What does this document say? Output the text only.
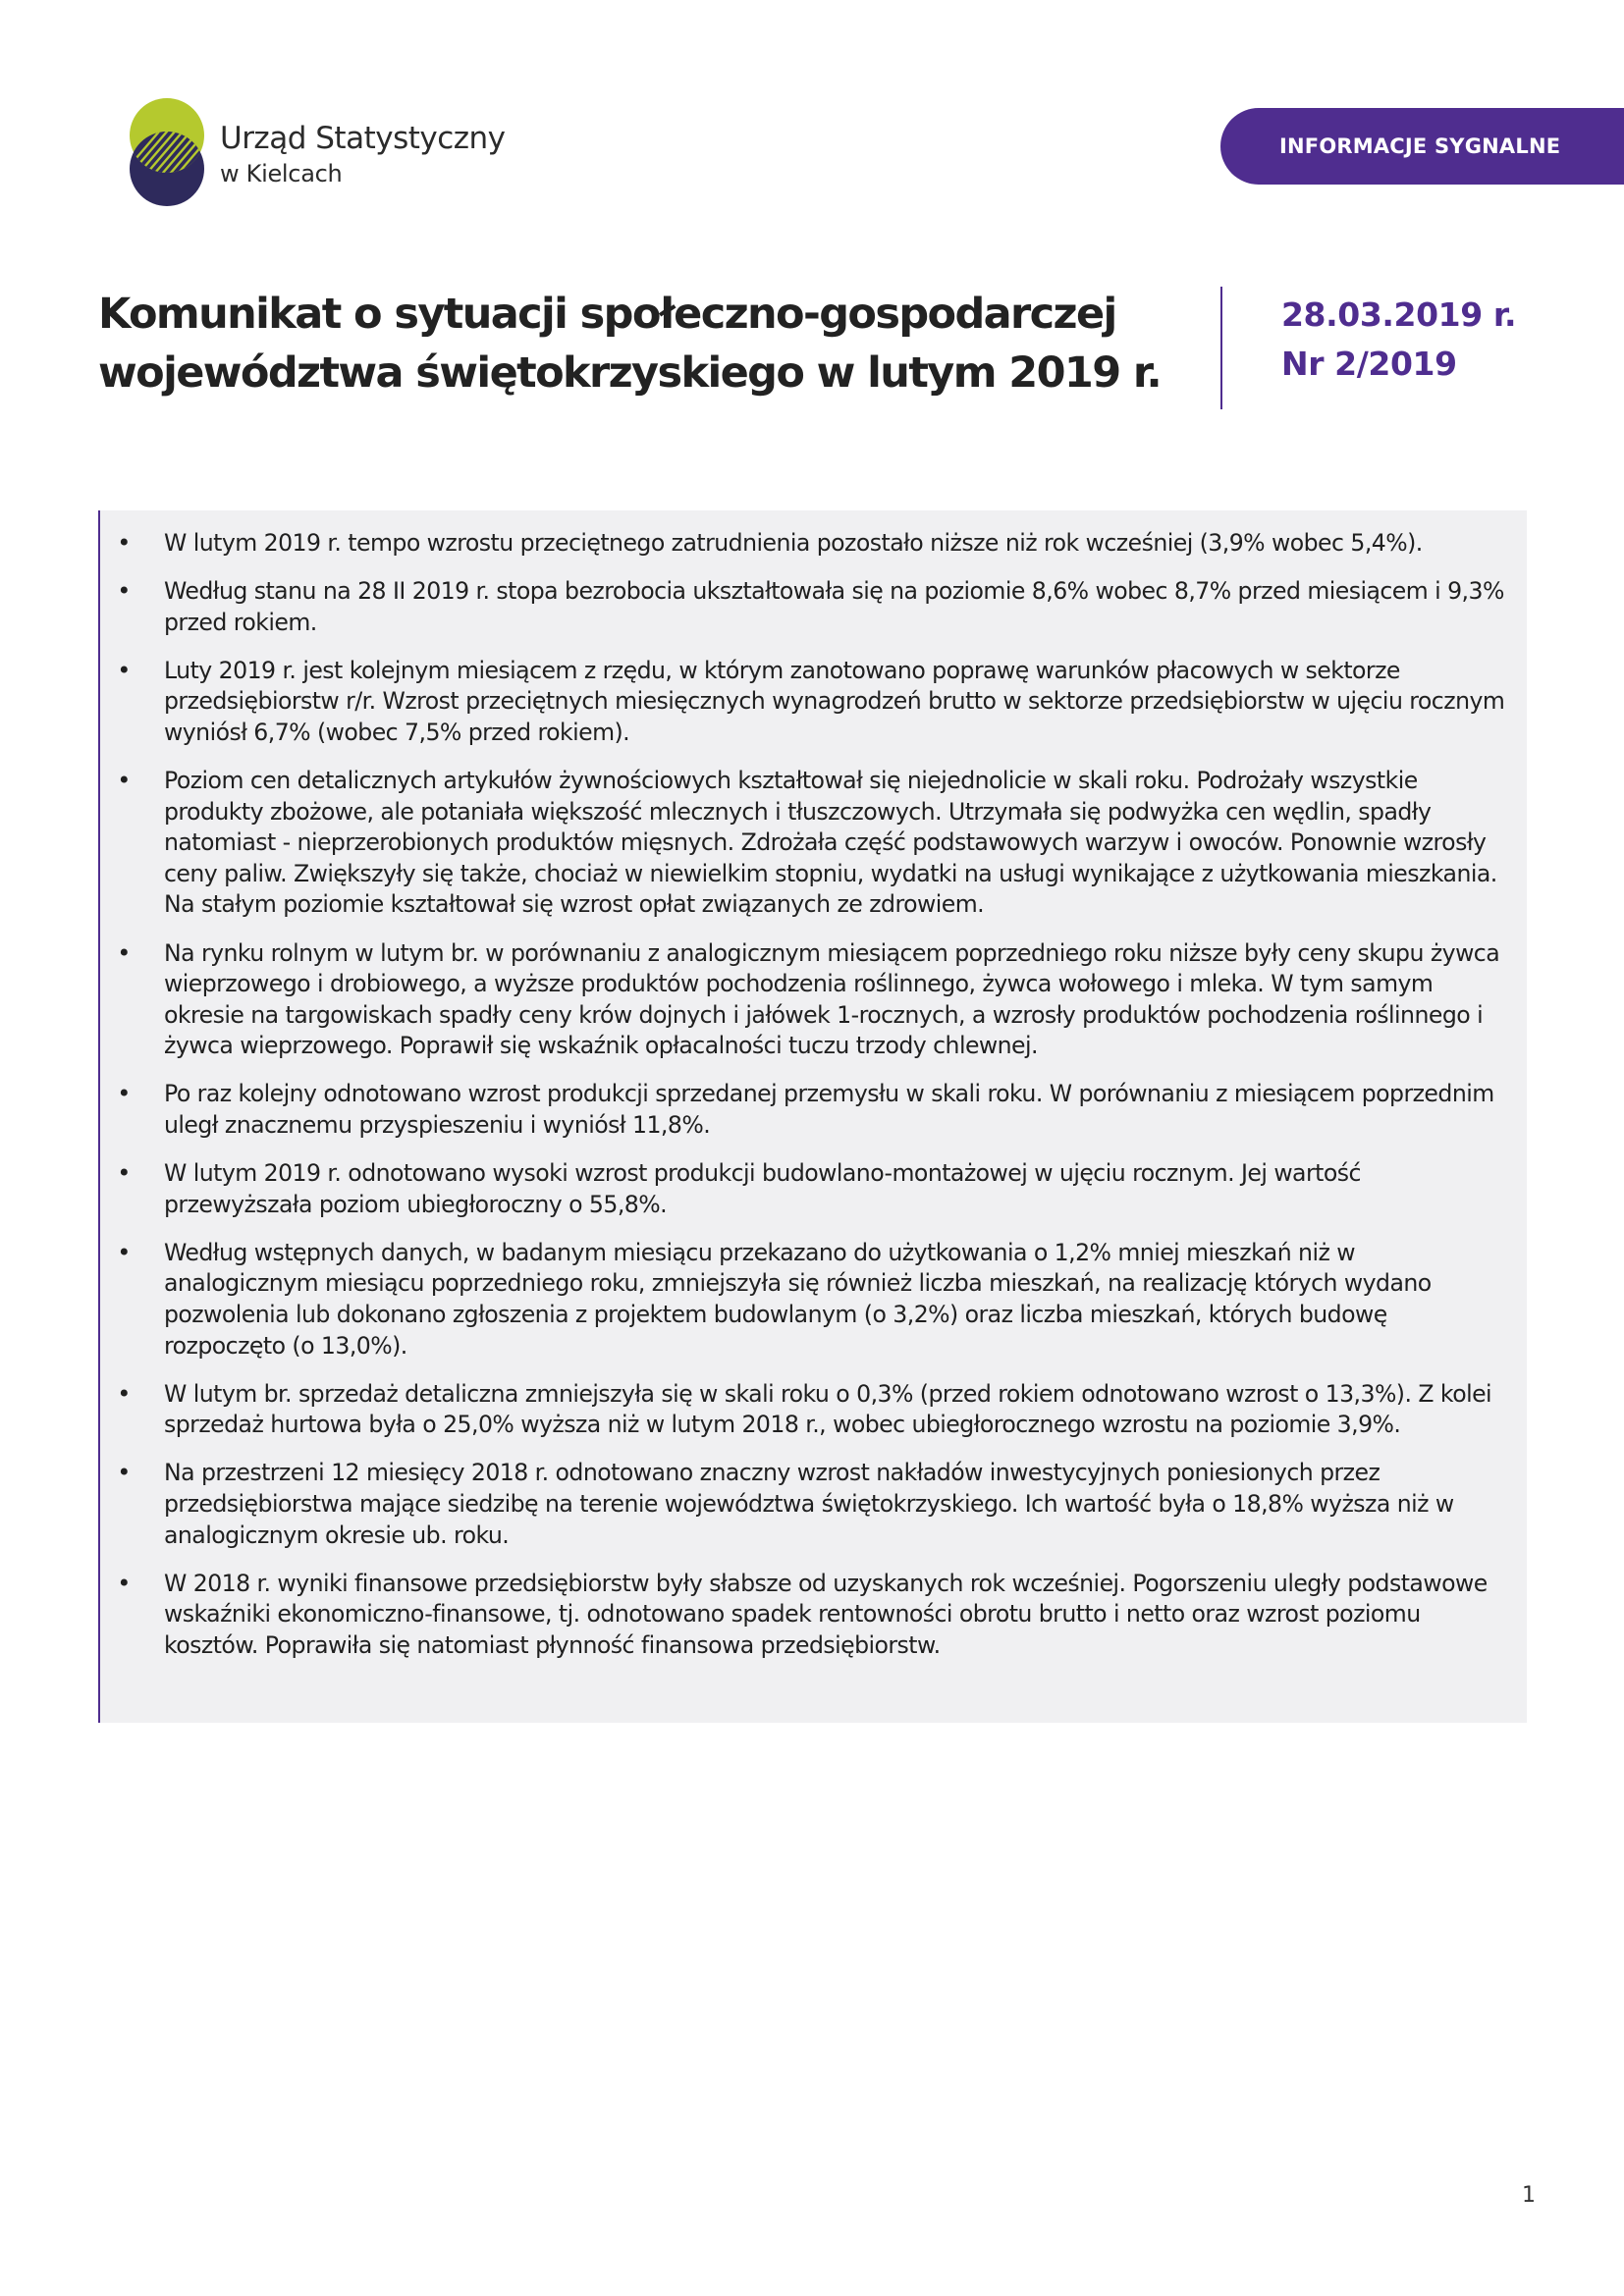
Urząd Statystyczny
w Kielcach
INFORMACJE SYGNALNE
Komunikat o sytuacji społeczno-gospodarczej
województwa świętokrzyskiego w lutym 2019 r.
28.03.2019 r.
Nr 2/2019
• W lutym 2019 r. tempo wzrostu przeciętnego zatrudnienia pozostało niższe niż rok wcześniej (3,9% wobec 5,4%).
• Według stanu na 28 II 2019 r. stopa bezrobocia ukształtowała się na poziomie 8,6% wobec 8,7% przed miesiącem i 9,3% przed rokiem.
• Luty 2019 r. jest kolejnym miesiącem z rzędu, w którym zanotowano poprawę warunków płacowych w sektorze przedsiębiorstw r/r. Wzrost przeciętnych miesięcznych wynagrodzeń brutto w sektorze przedsiębiorstw w ujęciu rocznym wyniósł 6,7% (wobec 7,5% przed rokiem).
• Poziom cen detalicznych artykułów żywnościowych kształtował się niejednolicie w skali roku. Podrożały wszystkie produkty zbożowe, ale potaniała większość mlecznych i tłuszczowych. Utrzymała się podwyżka cen wędlin, spadły natomiast - nieprzerobionych produktów mięsnych. Zdrożała część podstawowych warzyw i owoców. Ponownie wzrosły ceny paliw. Zwiększyły się także, chociaż w niewielkim stopniu, wydatki na usługi wynikające z użytkowania mieszkania. Na stałym poziomie kształtował się wzrost opłat związanych ze zdrowiem.
• Na rynku rolnym w lutym br. w porównaniu z analogicznym miesiącem poprzedniego roku niższe były ceny skupu żywca wieprzowego i drobiowego, a wyższe produktów pochodzenia roślinnego, żywca wołowego i mleka. W tym samym okresie na targowiskach spadły ceny krów dojnych i jałówek 1-rocznych, a wzrosły produktów pochodzenia roślinnego i żywca wieprzowego. Poprawił się wskaźnik opłacalności tuczu trzody chlewnej.
• Po raz kolejny odnotowano wzrost produkcji sprzedanej przemysłu w skali roku. W porównaniu z miesiącem poprzednim uległ znacznemu przyspieszeniu i wyniósł 11,8%.
• W lutym 2019 r. odnotowano wysoki wzrost produkcji budowlano-montażowej w ujęciu rocznym. Jej wartość przewyższała poziom ubiegłoroczny o 55,8%.
• Według wstępnych danych, w badanym miesiącu przekazano do użytkowania o 1,2% mniej mieszkań niż w analogicznym miesiącu poprzedniego roku, zmniejszyła się również liczba mieszkań, na realizację których wydano pozwolenia lub dokonano zgłoszenia z projektem budowlanym (o 3,2%) oraz liczba mieszkań, których budowę rozpoczęto (o 13,0%).
• W lutym br. sprzedaż detaliczna zmniejszyła się w skali roku o 0,3% (przed rokiem odnotowano wzrost o 13,3%). Z kolei sprzedaż hurtowa była o 25,0% wyższa niż w lutym 2018 r., wobec ubiegłorocznego wzrostu na poziomie 3,9%.
• Na przestrzeni 12 miesięcy 2018 r. odnotowano znaczny wzrost nakładów inwestycyjnych poniesionych przez przedsiębiorstwa mające siedzibę na terenie województwa świętokrzyskiego. Ich wartość była o 18,8% wyższa niż w analogicznym okresie ub. roku.
• W 2018 r. wyniki finansowe przedsiębiorstw były słabsze od uzyskanych rok wcześniej. Pogorszeniu uległy podstawowe wskaźniki ekonomiczno-finansowe, tj. odnotowano spadek rentowności obrotu brutto i netto oraz wzrost poziomu kosztów. Poprawiła się natomiast płynność finansowa przedsiębiorstw.
1
